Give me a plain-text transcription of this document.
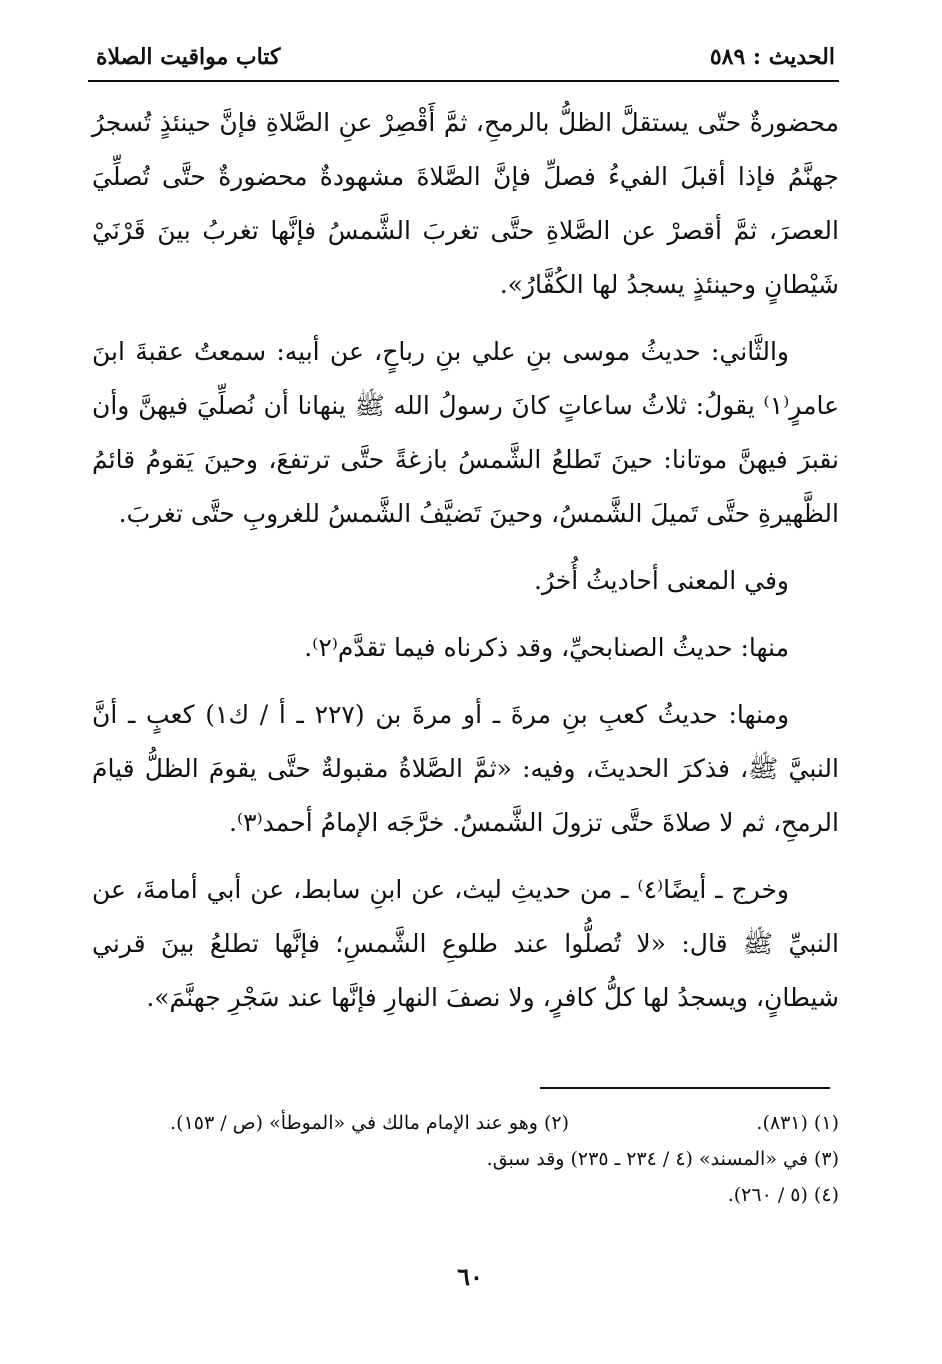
الحديث : ٥٨٩
كتاب مواقيت الصلاة

محضورةٌ حتّى يستقلَّ الظلُّ بالرمحِ، ثمَّ أَقْصِرْ عنِ الصَّلاةِ فإنَّ حينئذٍ تُسجرُ جهنَّمُ فإذا أقبلَ الفيءُ فصلِّ فإنَّ الصَّلاةَ مشهودةٌ محضورةٌ حتَّى تُصلِّيَ العصرَ، ثمَّ أقصرْ عن الصَّلاةِ حتَّى تغربَ الشَّمسُ فإنَّها تغربُ بينَ قَرْنَيْ شَيْطانٍ وحينئذٍ يسجدُ لها الكُفَّارُ».

والثَّاني: حديثُ موسى بنِ علي بنِ رباحٍ، عن أبيه: سمعتُ عقبةَ ابنَ عامرٍ⁽١⁾ يقولُ: ثلاثُ ساعاتٍ كانَ رسولُ الله ﷺ ينهانا أن نُصلِّيَ فيهنَّ وأن نقبرَ فيهنَّ موتانا: حينَ تَطلعُ الشَّمسُ بازغةً حتَّى ترتفعَ، وحينَ يَقومُ قائمُ الظَّهيرةِ حتَّى تَميلَ الشَّمسُ، وحينَ تَضيَّفُ الشَّمسُ للغروبِ حتَّى تغربَ.

وفي المعنى أحاديثُ أُخرُ.

منها: حديثُ الصنابحيِّ، وقد ذكرناه فيما تقدَّم⁽٢⁾.

ومنها: حديثُ كعبِ بنِ مرةَ ـ أو مرةَ بن (٢٢٧ ـ أ / ك١) كعبٍ ـ أنَّ النبيَّ ﷺ، فذكرَ الحديثَ، وفيه: «ثمَّ الصَّلاةُ مقبولةٌ حتَّى يقومَ الظلُّ قيامَ الرمحِ، ثم لا صلاةَ حتَّى تزولَ الشَّمسُ. خرَّجَه الإمامُ أحمد⁽٣⁾.

وخرج ـ أيضًا⁽٤⁾ ـ من حديثِ ليث، عن ابنِ سابط، عن أبي أمامةَ، عن النبيِّ ﷺ قال: «لا تُصلُّوا عند طلوعِ الشَّمسِ؛ فإنَّها تطلعُ بينَ قرني شيطانٍ، ويسجدُ لها كلُّ كافرٍ، ولا نصفَ النهارِ فإنَّها عند سَجْرِ جهنَّمَ».

(١) (٨٣١).
(٢) وهو عند الإمام مالك في «الموطأ» (ص / ١٥٣).
(٣) في «المسند» (٤ / ٢٣٤ ـ ٢٣٥) وقد سبق.
(٤) (٥ / ٢٦٠).
٦٠
